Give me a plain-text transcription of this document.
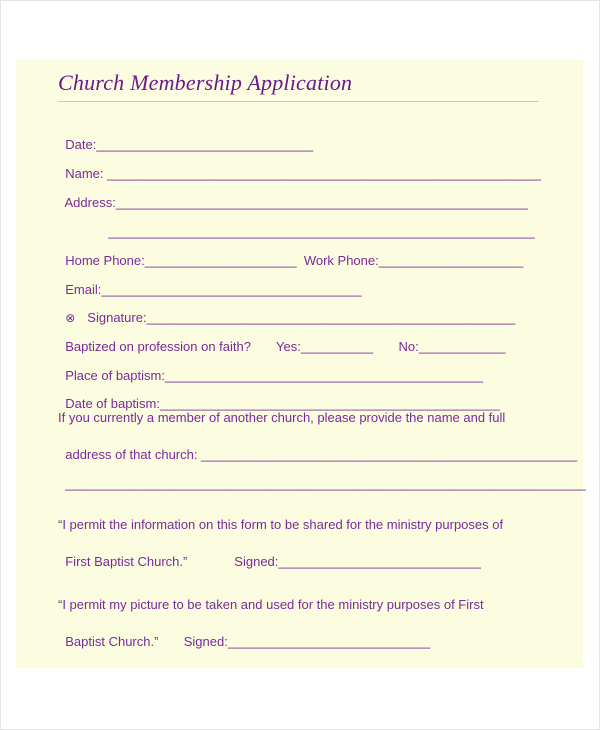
Church Membership Application

Date:______________________________

Name: ____________________________________________________________

Address:_________________________________________________________

___________________________________________________________

Home Phone:_____________________ Work Phone:____________________

Email:____________________________________

⊗ Signature:___________________________________________________

Baptized on profession on faith? Yes:__________ No:____________

Place of baptism:____________________________________________

Date of baptism:_______________________________________________

If you currently a member of another church, please provide the name and full

address of that church: ____________________________________________________

________________________________________________________________________

“I permit the information on this form to be shared for the ministry purposes of

First Baptist Church.”	Signed:____________________________

“I permit my picture to be taken and used for the ministry purposes of First

Baptist Church.” Signed:____________________________
